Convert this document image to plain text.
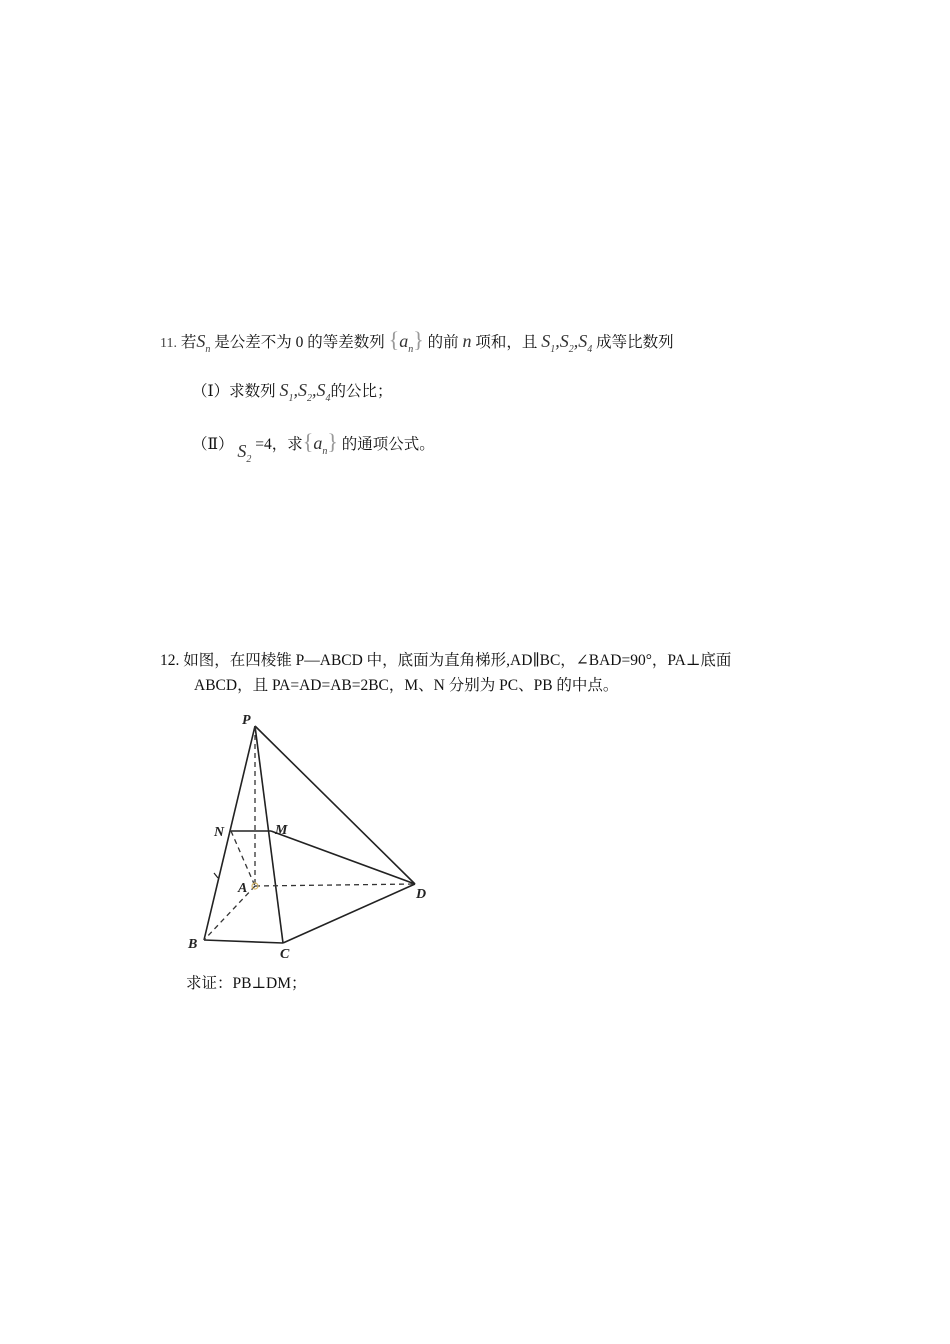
11. 若$S_n$ 是公差不为 0 的等差数列 $\{a_n\}$ 的前 n 项和，且 $S_1,S_2,S_4$ 成等比数列
（Ⅰ）求数列 $S_1,S_2,S_4$的公比；
（Ⅱ） $S_2 =4$，求$\{a_n\}$ 的通项公式。
12. 如图，在四棱锥 P—ABCD 中，底面为直角梯形,AD∥BC，∠BAD=90°，PA⊥底面
ABCD，且 PA=AD=AB=2BC，M、N 分别为 PC、PB 的中点。
P
N	M
A
B
C
D
求证：PB⊥DM；
